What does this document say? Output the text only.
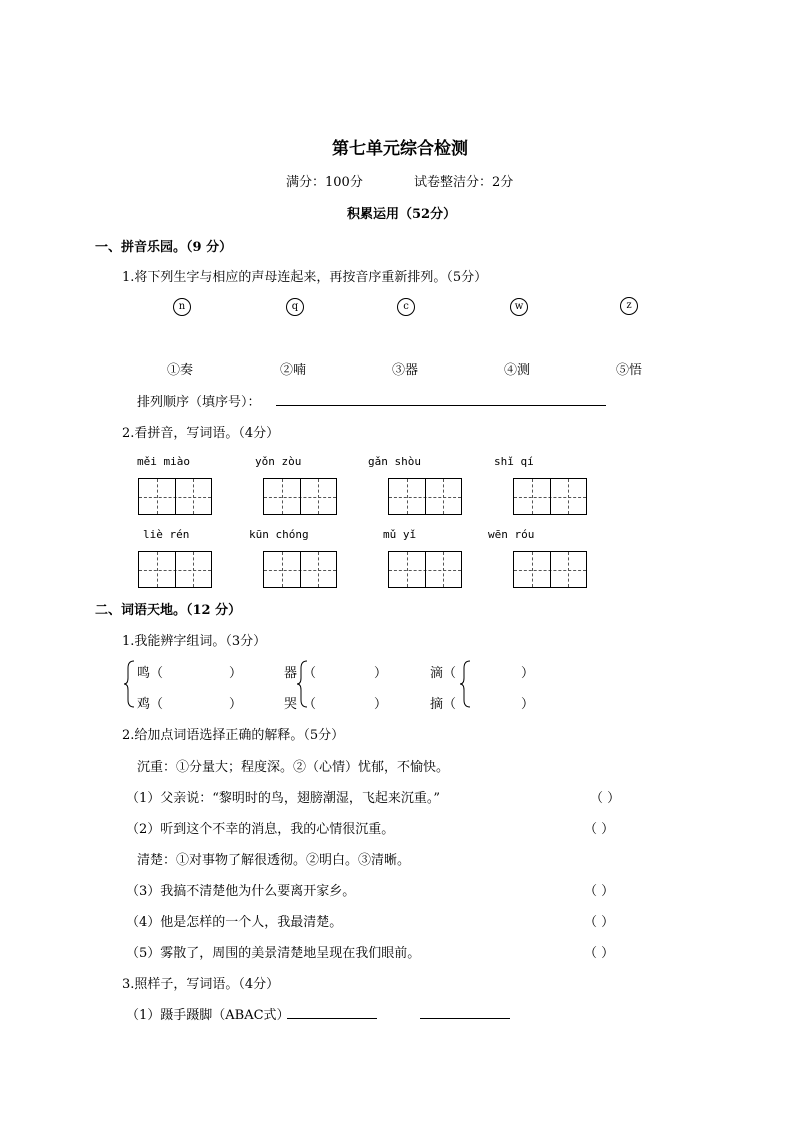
第七单元综合检测
满分：100分	试卷整洁分：2分
积累运用（52分）
一、拼音乐园。（9 分）
1.将下列生字与相应的声母连起来，再按音序重新排列。（5分）
n	q	c	w	z
①奏	②喃	③器	④测	⑤悟
排列顺序（填序号）：
2.看拼音，写词语。（4分）
měi miào	yǒn zòu	gǎn shòu	shǐ qí
liè rén	kūn chóng	mǔ yǐ	wēn róu
二、词语天地。（12 分）
1.我能辨字组词。（3分）
鸣（	）
鸡（	）
器 （	）
哭 （	）
滴（	）
摘（	）
2.给加点词语选择正确的解释。（5分）
沉重：①分量大；程度深。②（心情）忧郁，不愉快。
（1）父亲说：“黎明时的鸟，翅膀潮湿，飞起来沉重。”	（ ）
（2）听到这个不幸的消息，我的心情很沉重。	（ ）
清楚：①对事物了解很透彻。②明白。③清晰。
（3）我搞不清楚他为什么要离开家乡。	（ ）
（4）他是怎样的一个人，我最清楚。	（ ）
（5）雾散了，周围的美景清楚地呈现在我们眼前。	（ ）
3.照样子，写词语。（4分）
（1）蹑手蹑脚（ABAC式）
